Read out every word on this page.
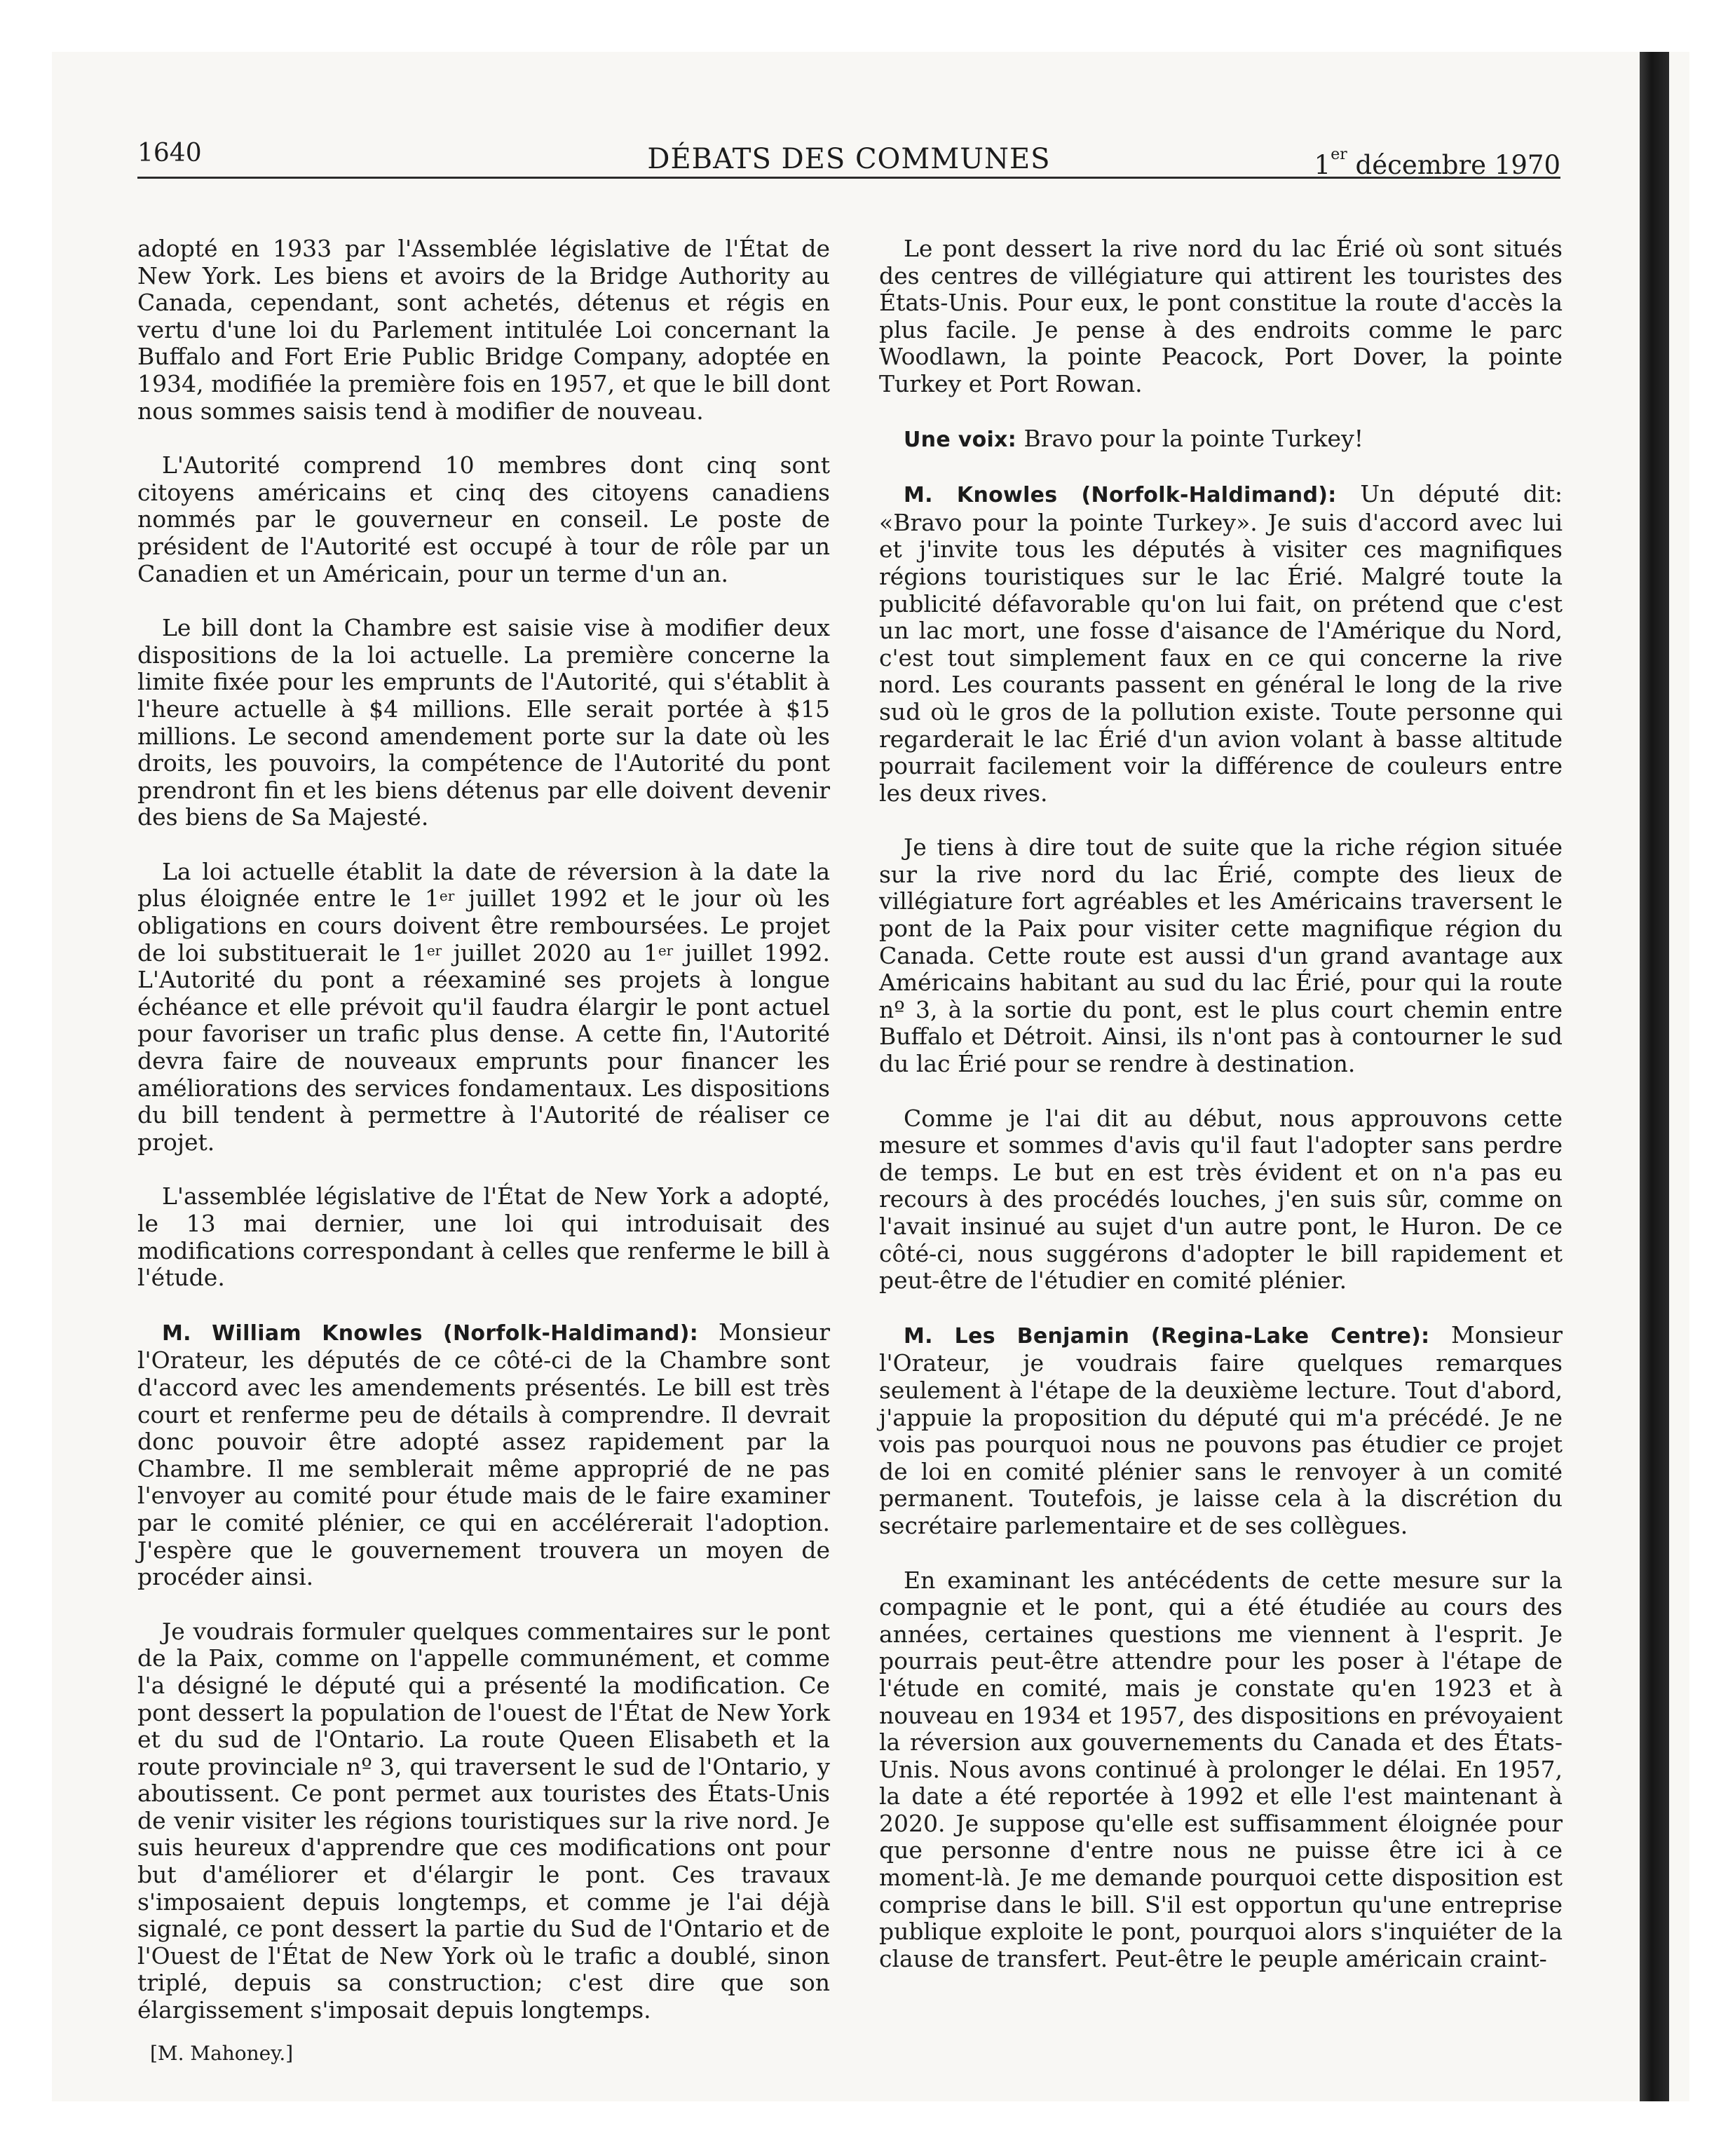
1640	DÉBATS DES COMMUNES	1er décembre 1970

adopté en 1933 par l'Assemblée législative de l'État de New York. Les biens et avoirs de la Bridge Authority au Canada, cependant, sont achetés, détenus et régis en vertu d'une loi du Parlement intitulée Loi concernant la Buffalo and Fort Erie Public Bridge Company, adoptée en 1934, modifiée la première fois en 1957, et que le bill dont nous sommes saisis tend à modifier de nouveau.

L'Autorité comprend 10 membres dont cinq sont citoyens américains et cinq des citoyens canadiens nommés par le gouverneur en conseil. Le poste de président de l'Autorité est occupé à tour de rôle par un Canadien et un Américain, pour un terme d'un an.

Le bill dont la Chambre est saisie vise à modifier deux dispositions de la loi actuelle. La première concerne la limite fixée pour les emprunts de l'Autorité, qui s'établit à l'heure actuelle à $4 millions. Elle serait portée à $15 millions. Le second amendement porte sur la date où les droits, les pouvoirs, la compétence de l'Autorité du pont prendront fin et les biens détenus par elle doivent devenir des biens de Sa Majesté.

La loi actuelle établit la date de réversion à la date la plus éloignée entre le 1er juillet 1992 et le jour où les obligations en cours doivent être remboursées. Le projet de loi substituerait le 1er juillet 2020 au 1er juillet 1992. L'Autorité du pont a réexaminé ses projets à longue échéance et elle prévoit qu'il faudra élargir le pont actuel pour favoriser un trafic plus dense. A cette fin, l'Autorité devra faire de nouveaux emprunts pour financer les améliorations des services fondamentaux. Les dispositions du bill tendent à permettre à l'Autorité de réaliser ce projet.

L'assemblée législative de l'État de New York a adopté, le 13 mai dernier, une loi qui introduisait des modifications correspondant à celles que renferme le bill à l'étude.

M. William Knowles (Norfolk-Haldimand): Monsieur l'Orateur, les députés de ce côté-ci de la Chambre sont d'accord avec les amendements présentés. Le bill est très court et renferme peu de détails à comprendre. Il devrait donc pouvoir être adopté assez rapidement par la Chambre. Il me semblerait même approprié de ne pas l'envoyer au comité pour étude mais de le faire examiner par le comité plénier, ce qui en accélérerait l'adoption. J'espère que le gouvernement trouvera un moyen de procéder ainsi.

Je voudrais formuler quelques commentaires sur le pont de la Paix, comme on l'appelle communément, et comme l'a désigné le député qui a présenté la modification. Ce pont dessert la population de l'ouest de l'État de New York et du sud de l'Ontario. La route Queen Elisabeth et la route provinciale nº 3, qui traversent le sud de l'Ontario, y aboutissent. Ce pont permet aux touristes des États-Unis de venir visiter les régions touristiques sur la rive nord. Je suis heureux d'apprendre que ces modifications ont pour but d'améliorer et d'élargir le pont. Ces travaux s'imposaient depuis longtemps, et comme je l'ai déjà signalé, ce pont dessert la partie du Sud de l'Ontario et de l'Ouest de l'État de New York où le trafic a doublé, sinon triplé, depuis sa construction; c'est dire que son élargissement s'imposait depuis longtemps.

[M. Mahoney.]

Le pont dessert la rive nord du lac Érié où sont situés des centres de villégiature qui attirent les touristes des États-Unis. Pour eux, le pont constitue la route d'accès la plus facile. Je pense à des endroits comme le parc Woodlawn, la pointe Peacock, Port Dover, la pointe Turkey et Port Rowan.

Une voix: Bravo pour la pointe Turkey!

M. Knowles (Norfolk-Haldimand): Un député dit: «Bravo pour la pointe Turkey». Je suis d'accord avec lui et j'invite tous les députés à visiter ces magnifiques régions touristiques sur le lac Érié. Malgré toute la publicité défavorable qu'on lui fait, on prétend que c'est un lac mort, une fosse d'aisance de l'Amérique du Nord, c'est tout simplement faux en ce qui concerne la rive nord. Les courants passent en général le long de la rive sud où le gros de la pollution existe. Toute personne qui regarderait le lac Érié d'un avion volant à basse altitude pourrait facilement voir la différence de couleurs entre les deux rives.

Je tiens à dire tout de suite que la riche région située sur la rive nord du lac Érié, compte des lieux de villégiature fort agréables et les Américains traversent le pont de la Paix pour visiter cette magnifique région du Canada. Cette route est aussi d'un grand avantage aux Américains habitant au sud du lac Érié, pour qui la route nº 3, à la sortie du pont, est le plus court chemin entre Buffalo et Détroit. Ainsi, ils n'ont pas à contourner le sud du lac Érié pour se rendre à destination.

Comme je l'ai dit au début, nous approuvons cette mesure et sommes d'avis qu'il faut l'adopter sans perdre de temps. Le but en est très évident et on n'a pas eu recours à des procédés louches, j'en suis sûr, comme on l'avait insinué au sujet d'un autre pont, le Huron. De ce côté-ci, nous suggérons d'adopter le bill rapidement et peut-être de l'étudier en comité plénier.

M. Les Benjamin (Regina-Lake Centre): Monsieur l'Orateur, je voudrais faire quelques remarques seulement à l'étape de la deuxième lecture. Tout d'abord, j'appuie la proposition du député qui m'a précédé. Je ne vois pas pourquoi nous ne pouvons pas étudier ce projet de loi en comité plénier sans le renvoyer à un comité permanent. Toutefois, je laisse cela à la discrétion du secrétaire parlementaire et de ses collègues.

En examinant les antécédents de cette mesure sur la compagnie et le pont, qui a été étudiée au cours des années, certaines questions me viennent à l'esprit. Je pourrais peut-être attendre pour les poser à l'étape de l'étude en comité, mais je constate qu'en 1923 et à nouveau en 1934 et 1957, des dispositions en prévoyaient la réversion aux gouvernements du Canada et des États-Unis. Nous avons continué à prolonger le délai. En 1957, la date a été reportée à 1992 et elle l'est maintenant à 2020. Je suppose qu'elle est suffisamment éloignée pour que personne d'entre nous ne puisse être ici à ce moment-là. Je me demande pourquoi cette disposition est comprise dans le bill. S'il est opportun qu'une entreprise publique exploite le pont, pourquoi alors s'inquiéter de la clause de transfert. Peut-être le peuple américain craint-
